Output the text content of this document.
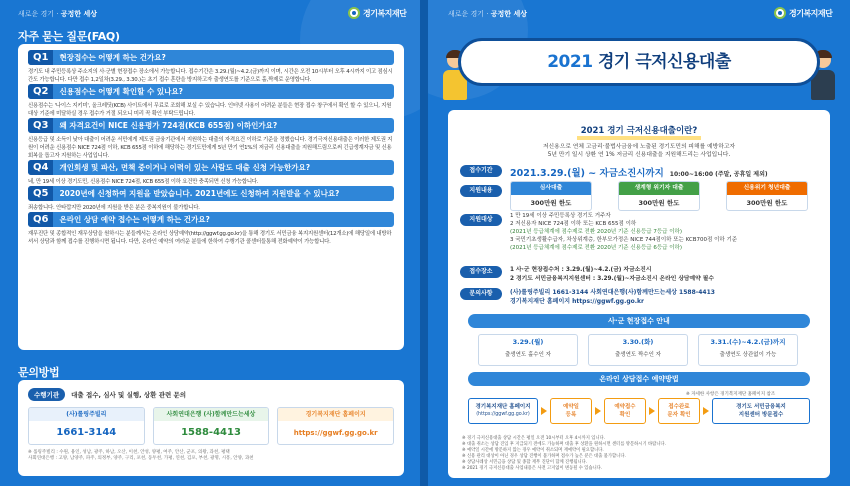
새로운 경기 · 공정한 세상	경기복지재단
자주 묻는 질문(FAQ)
Q1	현장접수는 어떻게 하는 건가요?
경기도 내 주민등록상 주소지의 사·군별 현장접수 장소에서 가능합니다. 접수기간은 3.29.(월)~4.2.(금)까지 이며, 시간은 오전 10시부터 오후 4시까지 이고 점심시간도 가능합니다. 다만 접수 1,2일차(3.29., 3.30.)는 초기 접수 혼란을 방지하고자 출생연도를 기준으로 홀,짝제로 운영합니다.
Q2	신용점수는 어떻게 확인할 수 있나요?
신용점수는 '나이스 지키미', 올크레딧(KCB) 사이트에서 무료로 조회해 보실 수 있습니다. 인터넷 사용이 어려운 분들은 현장 접수 창구에서 확인 할 수 있으니, 지원대상 기준에 미달하실 경우 접수가 거절 되오니 미리 꼭 확인 부탁드립니다.
Q3	왜 자격요건이 NICE 신용평가 724점(KCB 655점) 이하인가요?
신용등급 및 소득이 낮아 대출이 어려운 서민에게 제도권 금융기관에서 지원하는 대출의 자격요건 이하로 기준을 정했습니다. 경기극저신용대출은 이러한 제도권 지원이 어려운 신용점수 NICE 724점 이하, KCB 655점 이하에 해당하는 경기도민에게 5년 만기 연1%의 저금리 신용대출을 지원해드림으로써 긴급생계자금 및 신용회복을 돕고자 지원하는 사업입니다.
Q4	개인회생 및 파산, 면책 중이거나 이력이 있는 사람도 대출 신청 가능한가요?
네, 만 19세 이상 경기도민, 신용점수 NICE 724점, KCB 655점 이하 요건만 충족되면 신청 가능합니다.
Q5	2020년에 신청하여 지원을 받았습니다. 2021년에도 신청하여 지원받을 수 있나요?
죄송합니다. 안타깝지만 2020년에 지원을 받은 분은 중복지원이 불가합니다.
Q6	온라인 상담 예약 접수는 어떻게 하는 건가요?
재무진단 및 종합적인 재무상담을 원하시는 분들께서는 온라인 상담예약(http://ggwf.gg.go.kr)을 통해 경기도 서민금융 복지지원센터(12개소)에 해당일에 내방하셔서 상담과 함께 접수를 진행하시면 됩니다. 다만, 온라인 예약의 여러운 분들에 한하여 수행기관 콜센터들통해 전화예약이 가능합니다.
문의방법
수행기관	대출 접수, 심사 및 실행, 상환 관련 문의
(사)롤링주빌리
1661-3144
사회연대은행 (사)함께만드는세상
1588-4413
경기복지재단 홈페이지
https://ggwf.gg.go.kr
※ 롤링주빌리 : 수원, 용인, 성남, 광주, 하남, 오산, 이천, 안성, 양평, 여주, 안산, 군포, 의왕, 과천, 평택
사회연대은행 : 고양, 남양주, 파주, 의정부, 양주, 구리, 포천, 동두천, 가평, 연천, 김포, 부천, 광명, 시흥, 안양, 과천
새로운 경기 · 공정한 세상	경기복지재단
2021 경기 극저신용대출
2021 경기 극저신용대출이란?
저신용으로 연체 고금리·불법사금융에 노출된 경기도민의 피해를 예방하고자
5년 만기 일시 상환 연 1% 저금리 신용대출을 지원해드리는 사업입니다.
접수기간	2021.3.29.(월) ~ 자금소진시까지 10:00~16:00 (주말, 공휴일 제외)
지원내용	심사대출
300만원 한도
생계형 위기자 대출
300만원 한도
신용위기 청년대출
300만원 한도
지원대상	1 만 19세 이상 주민등록상 경기도 거주자
2 저신용자 NICE 724점 이하 또는 KCB 655점 이하
(2021년 등급체계에 점수제로 전환 2020년 기준 신용등급 7등급 이하)
3 국민기초생활수급자, 차상위계층, 한부모가정은 NICE 744점이하 또는 KCB700점 이하 기준
(2021년 등급체계에 점수제로 전환 2020년 기준 신용등급 6등급 이하)
접수장소	1 사·군 현장접수처 : 3.29.(월)~4.2.(금) 자금소진시
2 경기도 서민금융복지지원센터 : 3.29.(월)~자금소진시 온라인 상담예약 필수
문의사항	(사)롤링주빌리 1661-3144 사회연대은행(사)함께만드는세상 1588-4413
경기복지재단 홈페이지 https://ggwf.gg.go.kr
사·군 현장접수 안내
3.29.(월)
출생연도 홀수인 자
3.30.(화)
출생연도 짝수인 자
3.31.(수)~4.2.(금)까지
출생연도 상관없이 가능
온라인 상담접수 예약방법
※ 자세한 사항은 경기복지재단 홈페이지 참조
경기복지재단 홈페이지
(https://ggwf.gg.go.kr)
예약일
등록
예약접수
확인
접수완료
문자 확인
경기도 서민금융복지
지원센터 방문접수
※ 경기 극저신용대출 상담 시간은 평일 오전 10시부터 오후 4시까지 입니다.
※ 대출 취소는 상담 진입 후 지급되기 전에도 가능하며 대출 후 상환을 원하시면 센터를 방문하시기 바랍니다.
※ 예약일 시간에 방문하지 않는 경우 예약이 취소되며 재예약이 필요합니다.
※ 신용 관리 대상이 아닌 경우 상담 진행이 불가하며 점수가 높은 분은 대출 불가합니다.
※ 상담사례상 서민금융 상담 및 종합 재무 진단이 함께 진행됩니다.
※ 2021 경기 극저신용대출 사업내용은 사전 고지없이 변동될 수 있습니다.
